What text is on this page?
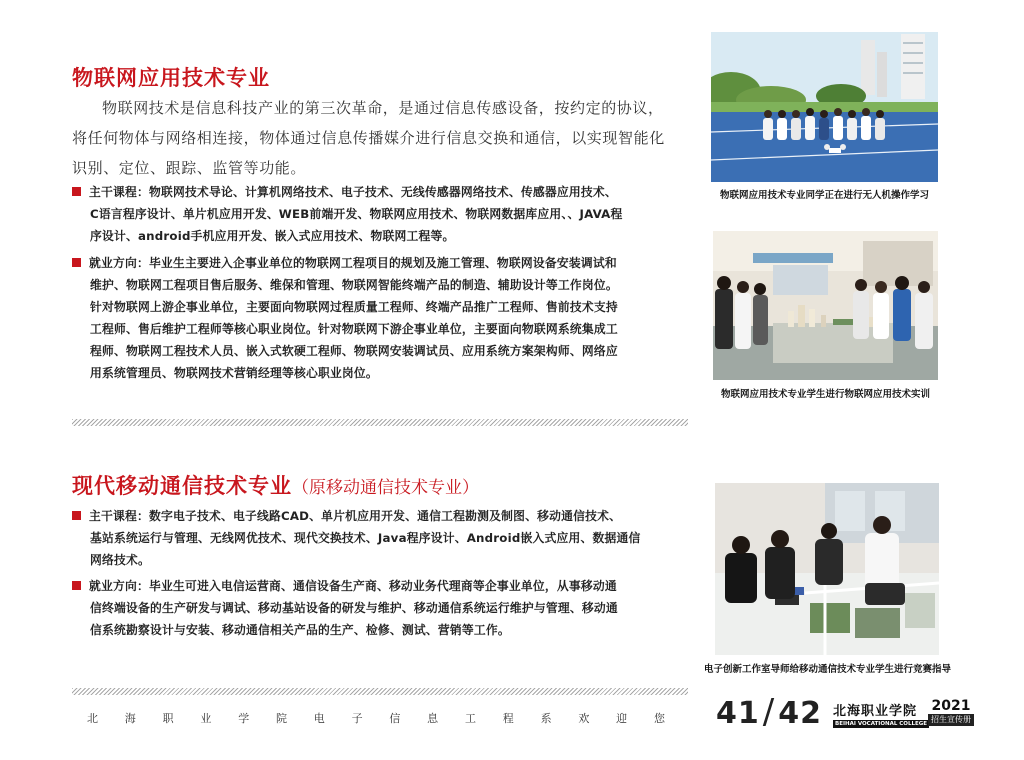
物联网应用技术专业
物联网技术是信息科技产业的第三次革命，是通过信息传感设备，按约定的协议，
将任何物体与网络相连接，物体通过信息传播媒介进行信息交换和通信，以实现智能化
识别、定位、跟踪、监管等功能。
主干课程：物联网技术导论、计算机网络技术、电子技术、无线传感器网络技术、传感器应用技术、
C语言程序设计、单片机应用开发、WEB前端开发、物联网应用技术、物联网数据库应用、、JAVA程
序设计、android手机应用开发、嵌入式应用技术、物联网工程等。
就业方向：毕业生主要进入企事业单位的物联网工程项目的规划及施工管理、物联网设备安装调试和
维护、物联网工程项目售后服务、维保和管理、物联网智能终端产品的制造、辅助设计等工作岗位。
针对物联网上游企事业单位，主要面向物联网过程质量工程师、终端产品推广工程师、售前技术支持
工程师、售后维护工程师等核心职业岗位。针对物联网下游企事业单位，主要面向物联网系统集成工
程师、物联网工程技术人员、嵌入式软硬工程师、物联网安装调试员、应用系统方案架构师、网络应
用系统管理员、物联网技术营销经理等核心职业岗位。
现代移动通信技术专业（原移动通信技术专业）
主干课程：数字电子技术、电子线路CAD、单片机应用开发、通信工程勘测及制图、移动通信技术、
基站系统运行与管理、无线网优技术、现代交换技术、Java程序设计、Android嵌入式应用、数据通信
网络技术。
就业方向：毕业生可进入电信运营商、通信设备生产商、移动业务代理商等企事业单位，从事移动通
信终端设备的生产研发与调试、移动基站设备的研发与维护、移动通信系统运行维护与管理、移动通
信系统勘察设计与安装、移动通信相关产品的生产、检修、测试、营销等工作。
物联网应用技术专业同学正在进行无人机操作学习
物联网应用技术专业学生进行物联网应用技术实训
电子创新工作室导师给移动通信技术专业学生进行竞赛指导
北 海 职 业 学 院 电 子 信 息 工 程 系 欢 迎 您 41/ 42 北海职业学院
BEIHAI VOCATIONAL COLLEGE
2021
招生宣传册
